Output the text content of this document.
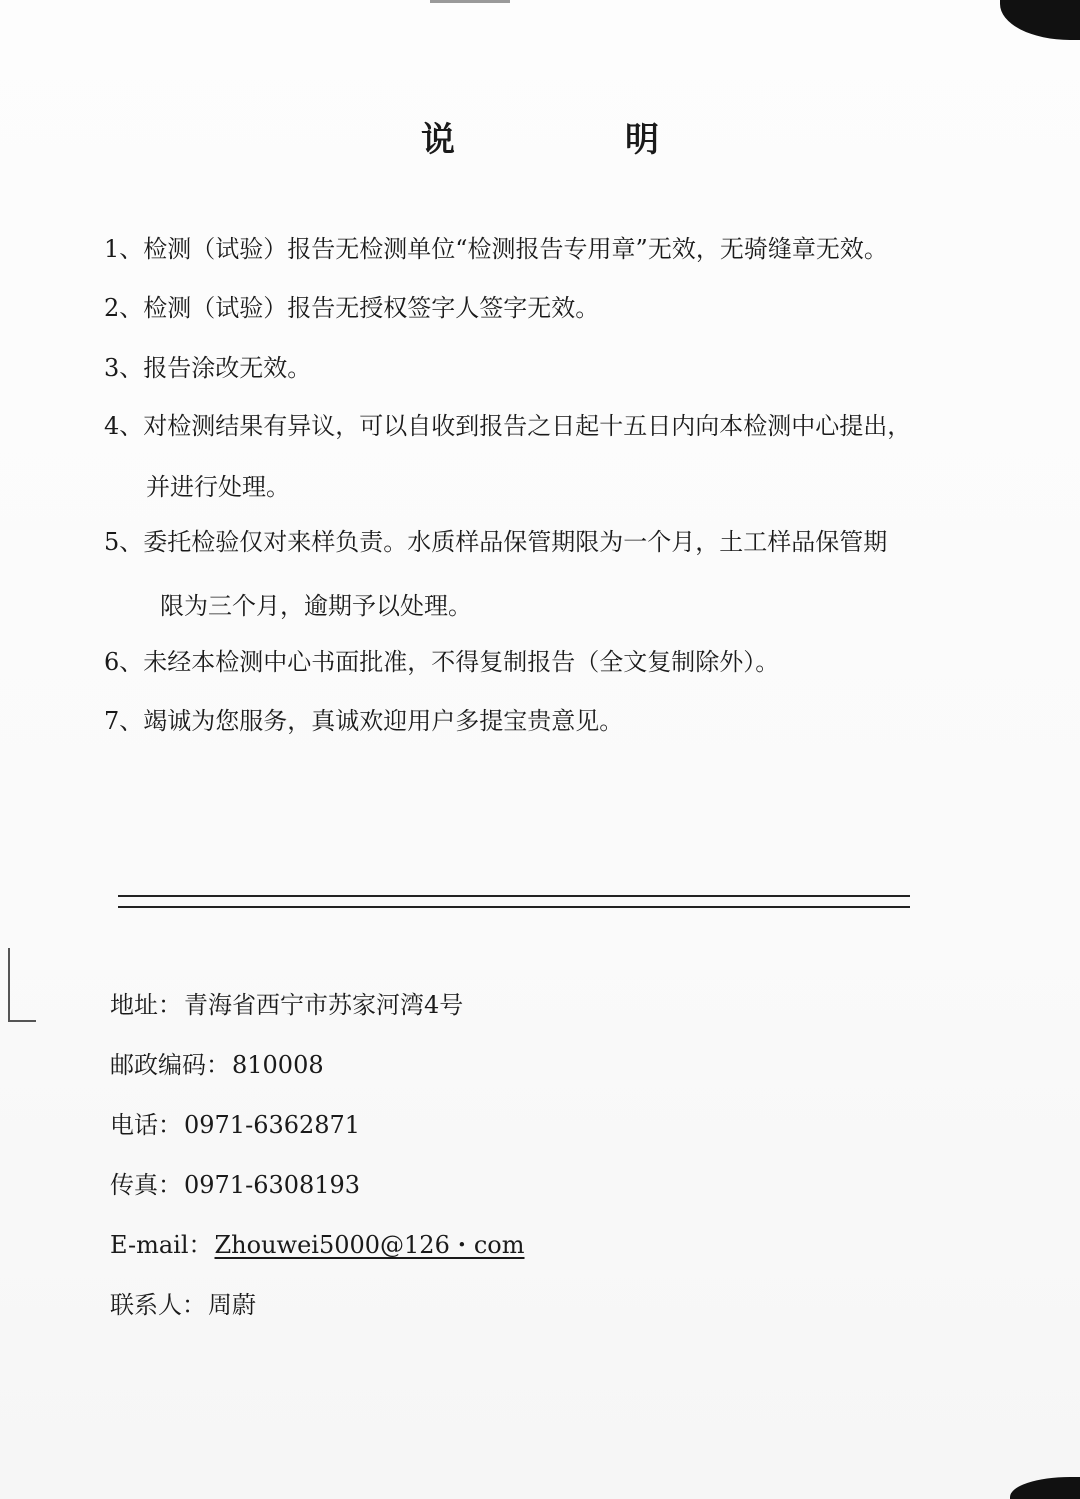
说　明
1、检测（试验）报告无检测单位“检测报告专用章”无效，无骑缝章无效。
2、检测（试验）报告无授权签字人签字无效。
3、报告涂改无效。
4、对检测结果有异议，可以自收到报告之日起十五日内向本检测中心提出，
并进行处理。
5、委托检验仅对来样负责。水质样品保管期限为一个月，土工样品保管期
限为三个月，逾期予以处理。
6、未经本检测中心书面批准，不得复制报告（全文复制除外）。
7、竭诚为您服务，真诚欢迎用户多提宝贵意见。
地址：青海省西宁市苏家河湾4号
邮政编码：810008
电话：0971-6362871
传真：0971-6308193
E-mail：Zhouwei5000@126・com
联系人：周蔚
